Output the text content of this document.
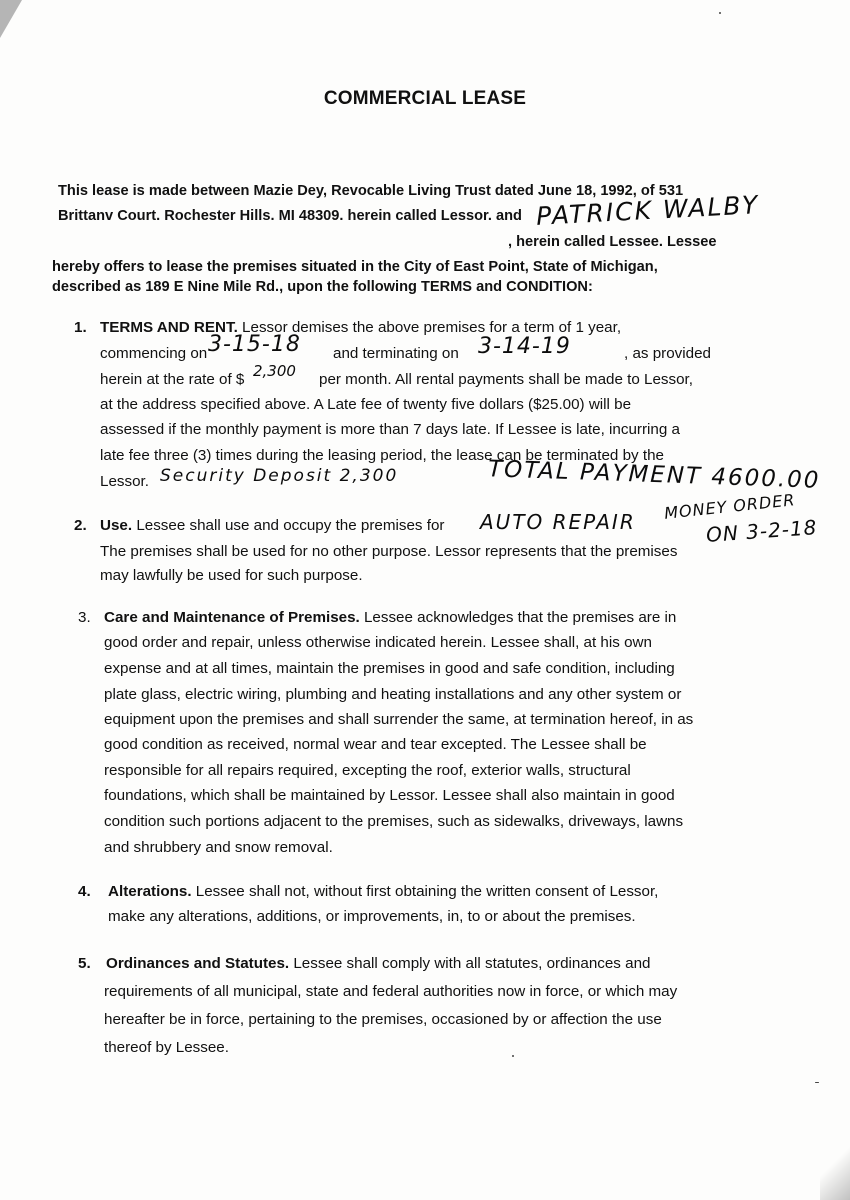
COMMERCIAL LEASE
This lease is made between Mazie Dey, Revocable Living Trust dated June 18, 1992, of 531
Brittanv Court. Rochester Hills. MI 48309. herein called Lessor. and PATRICK WALBY
, herein called Lessee. Lessee
hereby offers to lease the premises situated in the City of East Point, State of Michigan,
described as 189 E Nine Mile Rd., upon the following TERMS and CONDITION:
1. TERMS AND RENT. Lessor demises the above premises for a term of 1 year,
commencing on 3-15-18 and terminating on 3-14-19	, as provided
herein at the rate of $ 2,300 per month. All rental payments shall be made to Lessor,
at the address specified above. A Late fee of twenty five dollars ($25.00) will be
assessed if the monthly payment is more than 7 days late. If Lessee is late, incurring a
late fee three (3) times during the leasing period, the lease can be terminated by the
Lessor. Security Deposit 2,300	TOTAL PAYMENT 4600.00
2. Use. Lessee shall use and occupy the premises for AUTO REPAIR MONEY ORDER
ON 3-2-18
The premises shall be used for no other purpose. Lessor represents that the premises
may lawfully be used for such purpose.
3. Care and Maintenance of Premises. Lessee acknowledges that the premises are in
good order and repair, unless otherwise indicated herein. Lessee shall, at his own
expense and at all times, maintain the premises in good and safe condition, including
plate glass, electric wiring, plumbing and heating installations and any other system or
equipment upon the premises and shall surrender the same, at termination hereof, in as
good condition as received, normal wear and tear excepted. The Lessee shall be
responsible for all repairs required, excepting the roof, exterior walls, structural
foundations, which shall be maintained by Lessor. Lessee shall also maintain in good
condition such portions adjacent to the premises, such as sidewalks, driveways, lawns
and shrubbery and snow removal.
4. Alterations. Lessee shall not, without first obtaining the written consent of Lessor,
make any alterations, additions, or improvements, in, to or about the premises.
5. Ordinances and Statutes. Lessee shall comply with all statutes, ordinances and
requirements of all municipal, state and federal authorities now in force, or which may
hereafter be in force, pertaining to the premises, occasioned by or affection the use
thereof by Lessee.
